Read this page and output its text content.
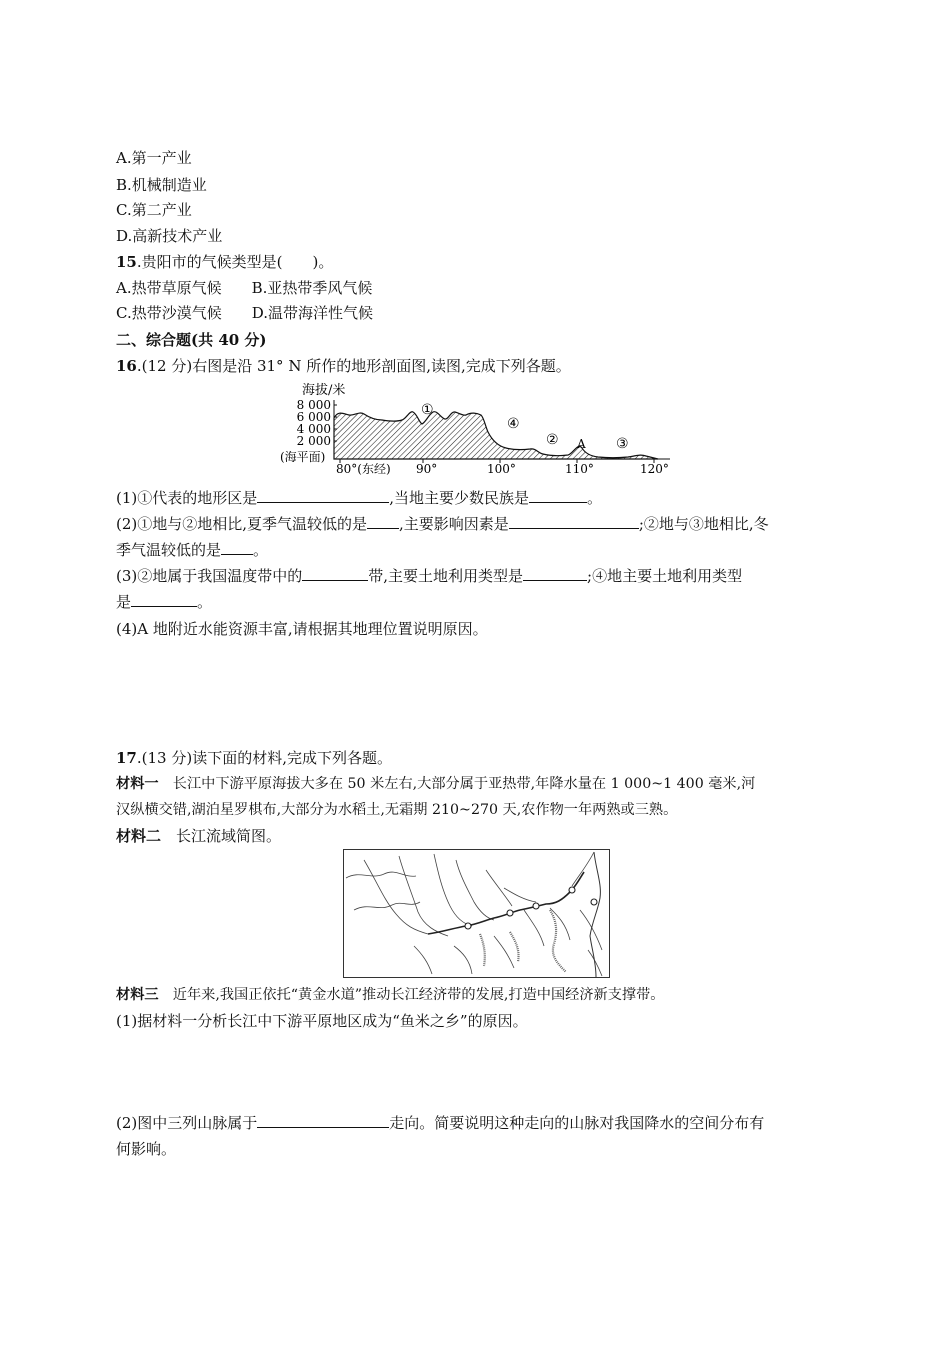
A.第一产业
B.机械制造业
C.第二产业
D.高新技术产业
15.贵阳市的气候类型是(　　)。
A.热带草原气候 B.亚热带季风气候
C.热带沙漠气候 D.温带海洋性气候
二、综合题(共 40 分)
16.(12 分)右图是沿 31° N 所作的地形剖面图,读图,完成下列各题。
海拔/米
8 000
6 000
4 000
2 000
(海平面)
80°(东经) 90°	100°	110°	120°
①
④
② A ③
(1)①代表的地形区是	,当地主要少数民族是	。
(2)①地与②地相比,夏季气温较低的是 ,主要影响因素是	;②地与③地相比,冬
季气温较低的是 。
(3)②地属于我国温度带中的	带,主要土地利用类型是	;④地主要土地利用类型
是	。
(4)A 地附近水能资源丰富,请根据其地理位置说明原因。
17.(13 分)读下面的材料,完成下列各题。
材料一　长江中下游平原海拔大多在 50 米左右,大部分属于亚热带,年降水量在 1 000~1 400 毫米,河
汉纵横交错,湖泊星罗棋布,大部分为水稻土,无霜期 210~270 天,农作物一年两熟或三熟。
材料二　长江流域简图。
材料三　近年来,我国正依托“黄金水道”推动长江经济带的发展,打造中国经济新支撑带。
(1)据材料一分析长江中下游平原地区成为“鱼米之乡”的原因。
(2)图中三列山脉属于	走向。简要说明这种走向的山脉对我国降水的空间分布有
何影响。
